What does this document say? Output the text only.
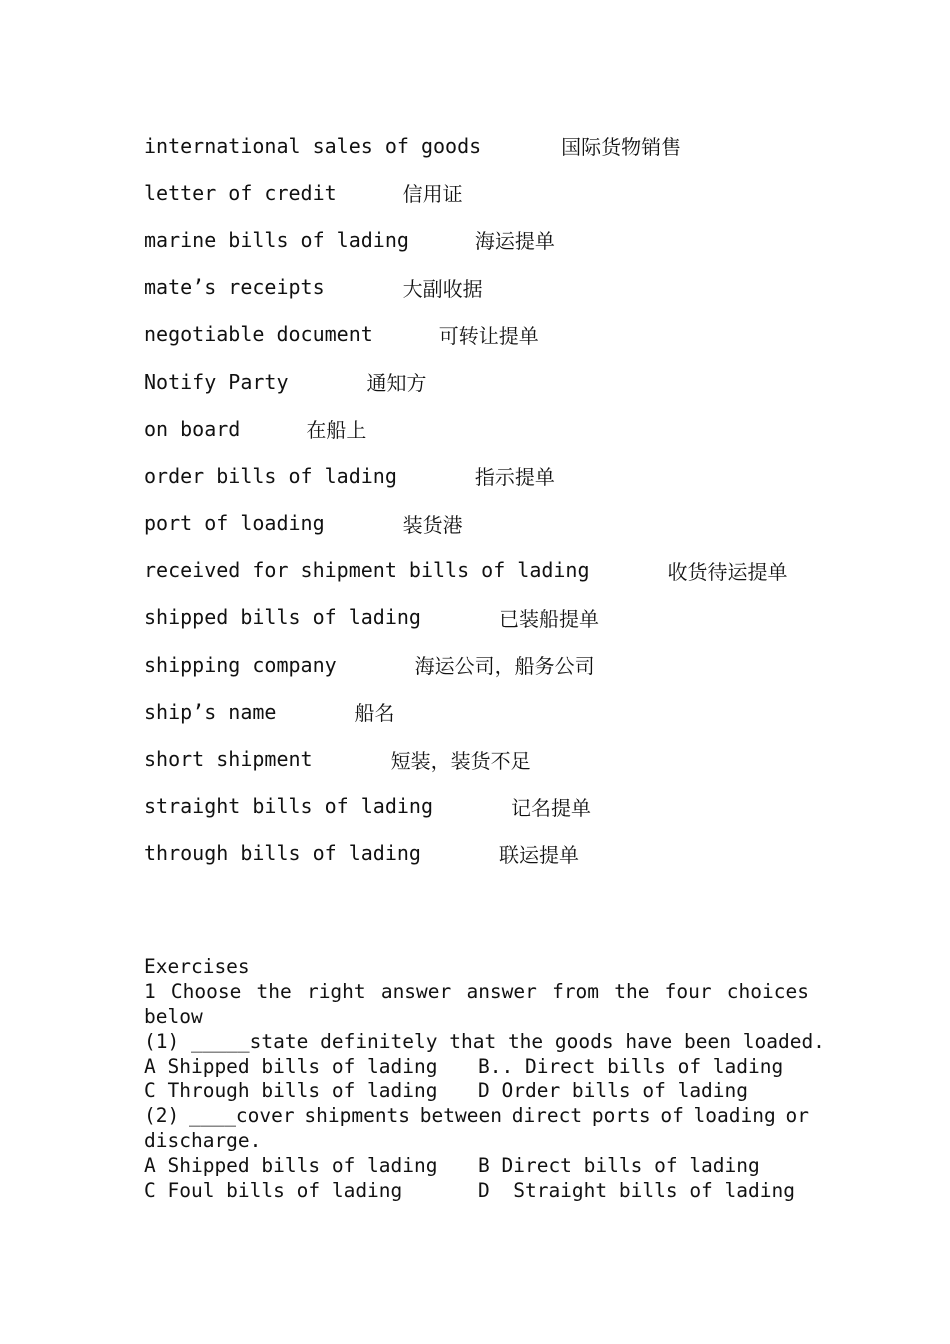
international sales of goods	国际货物销售
letter of credit	信用证
marine bills of lading	海运提单
mate’s receipts	大副收据
negotiable document	可转让提单
Notify Party	通知方
on board	在船上
order bills of lading	指示提单
port of loading	装货港
received for shipment bills of lading	收货待运提单
shipped bills of lading	已装船提单
shipping company	海运公司，船务公司
ship’s name	船名
short shipment	短装，装货不足
straight bills of lading	记名提单
through bills of lading	联运提单
Exercises
1 Choose the right answer answer from the four choices
below
(1) _____state definitely that the goods have been loaded.
A Shipped bills of lading	B.. Direct bills of lading
C Through bills of lading	D Order bills of lading
(2) ____cover shipments between direct ports of loading or
discharge.
A Shipped bills of lading	B Direct bills of lading
C Foul bills of lading	D  Straight bills of lading
